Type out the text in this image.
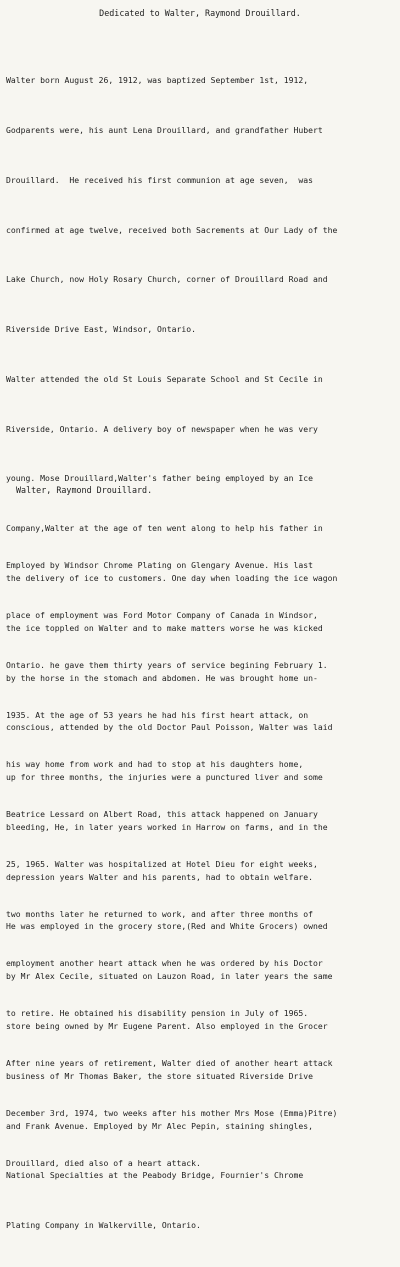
Dedicated to Walter, Raymond Drouillard.

Walter born August 26, 1912, was baptized September 1st, 1912,

Godparents were, his aunt Lena Drouillard, and grandfather Hubert

Drouillard.  He received his first communion at age seven,  was

confirmed at age twelve, received both Sacrements at Our Lady of the

Lake Church, now Holy Rosary Church, corner of Drouillard Road and

Riverside Drive East, Windsor, Ontario.

Walter attended the old St Louis Separate School and St Cecile in

Riverside, Ontario. A delivery boy of newspaper when he was very

young. Mose Drouillard,Walter's father being employed by an Ice

Company,Walter at the age of ten went along to help his father in

the delivery of ice to customers. One day when loading the ice wagon

the ice toppled on Walter and to make matters worse he was kicked

by the horse in the stomach and abdomen. He was brought home un-

conscious, attended by the old Doctor Paul Poisson, Walter was laid

up for three months, the injuries were a punctured liver and some

bleeding, He, in later years worked in Harrow on farms, and in the

depression years Walter and his parents, had to obtain welfare.

He was employed in the grocery store,(Red and White Grocers) owned

by Mr Alex Cecile, situated on Lauzon Road, in later years the same

store being owned by Mr Eugene Parent. Also employed in the Grocer

business of Mr Thomas Baker, the store situated Riverside Drive

and Frank Avenue. Employed by Mr Alec Pepin, staining shingles,

National Specialties at the Peabody Bridge, Fournier's Chrome

Plating Company in Walkerville, Ontario.

Walter, Raymond Drouillard.

Employed by Windsor Chrome Plating on Glengary Avenue. His last

place of employment was Ford Motor Company of Canada in Windsor,

Ontario. he gave them thirty years of service begining February 1.

1935. At the age of 53 years he had his first heart attack, on

his way home from work and had to stop at his daughters home,

Beatrice Lessard on Albert Road, this attack happened on January

25, 1965. Walter was hospitalized at Hotel Dieu for eight weeks,

two months later he returned to work, and after three months of

employment another heart attack when he was ordered by his Doctor

to retire. He obtained his disability pension in July of 1965.

After nine years of retirement, Walter died of another heart attack

December 3rd, 1974, two weeks after his mother Mrs Mose (Emma)Pitre)

Drouillard, died also of a heart attack.
